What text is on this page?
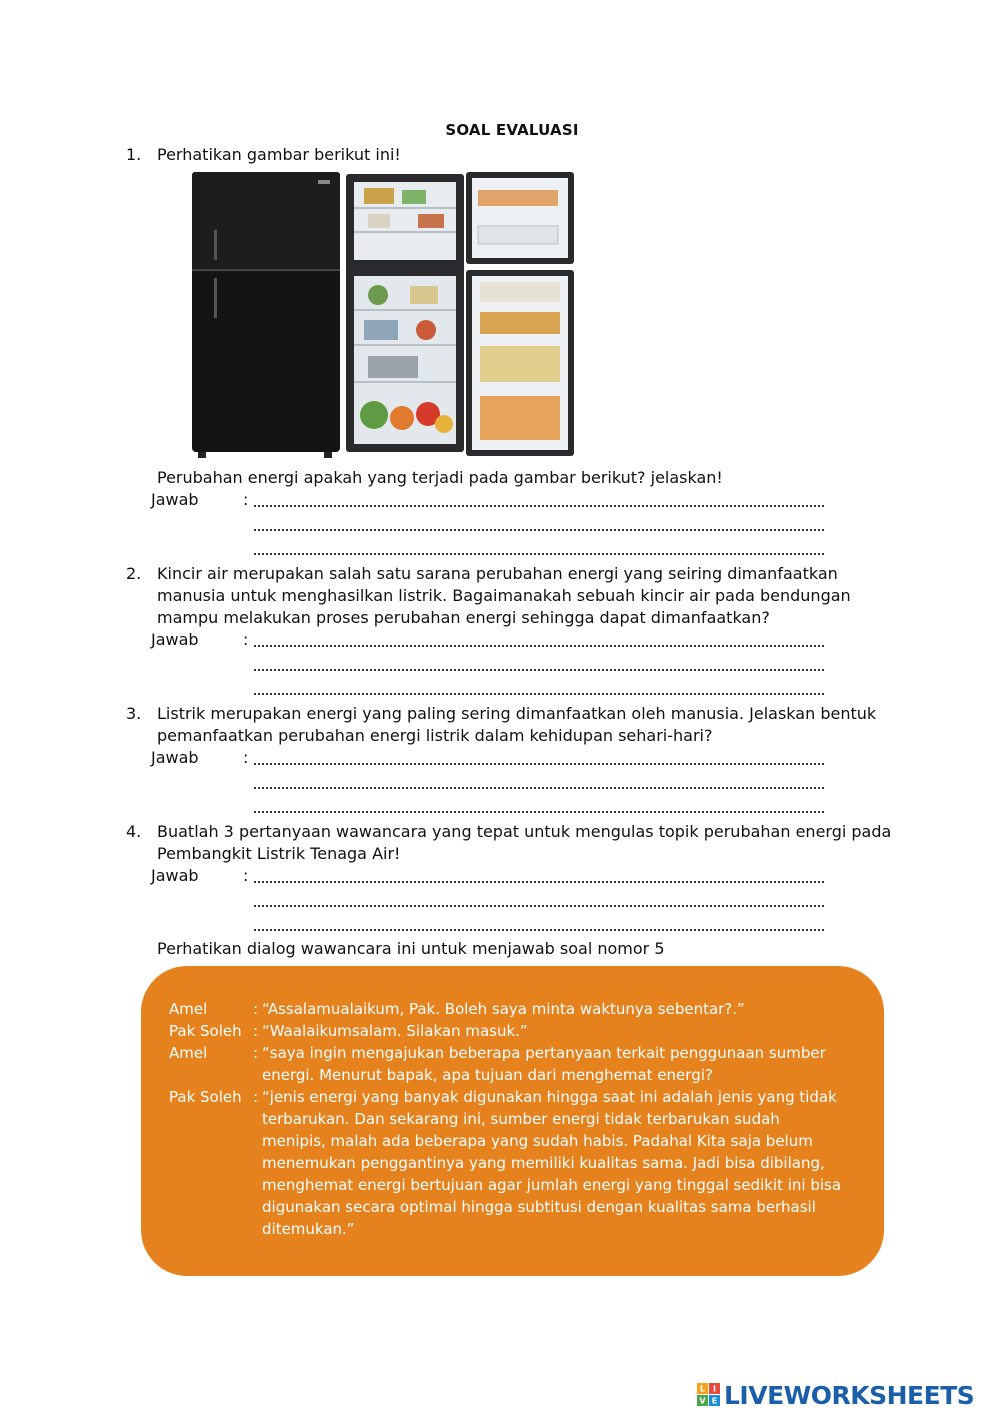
SOAL EVALUASI
1. Perhatikan gambar berikut ini!
Perubahan energi apakah yang terjadi pada gambar berikut? jelaskan!
Jawab	:
2. Kincir air merupakan salah satu sarana perubahan energi yang seiring dimanfaatkan
manusia untuk menghasilkan listrik. Bagaimanakah sebuah kincir air pada bendungan
mampu melakukan proses perubahan energi sehingga dapat dimanfaatkan?
Jawab	:
3. Listrik merupakan energi yang paling sering dimanfaatkan oleh manusia. Jelaskan bentuk
pemanfaatkan perubahan energi listrik dalam kehidupan sehari-hari?
Jawab	:
4. Buatlah 3 pertanyaan wawancara yang tepat untuk mengulas topik perubahan energi pada
Pembangkit Listrik Tenaga Air!
Jawab	:
Perhatikan dialog wawancara ini untuk menjawab soal nomor 5
Amel	: “Assalamualaikum, Pak. Boleh saya minta waktunya sebentar?.”
Pak Soleh : “Waalaikumsalam. Silakan masuk.”
Amel	: “saya ingin mengajukan beberapa pertanyaan terkait penggunaan sumber
energi. Menurut bapak, apa tujuan dari menghemat energi?
Pak Soleh : “jenis energi yang banyak digunakan hingga saat ini adalah jenis yang tidak
terbarukan. Dan sekarang ini, sumber energi tidak terbarukan sudah
menipis, malah ada beberapa yang sudah habis. Padahal Kita saja belum
menemukan penggantinya yang memiliki kualitas sama. Jadi bisa dibilang,
menghemat energi bertujuan agar jumlah energi yang tinggal sedikit ini bisa
digunakan secara optimal hingga subtitusi dengan kualitas sama berhasil
ditemukan.”
L I
V E LIVEWORKSHEETS
